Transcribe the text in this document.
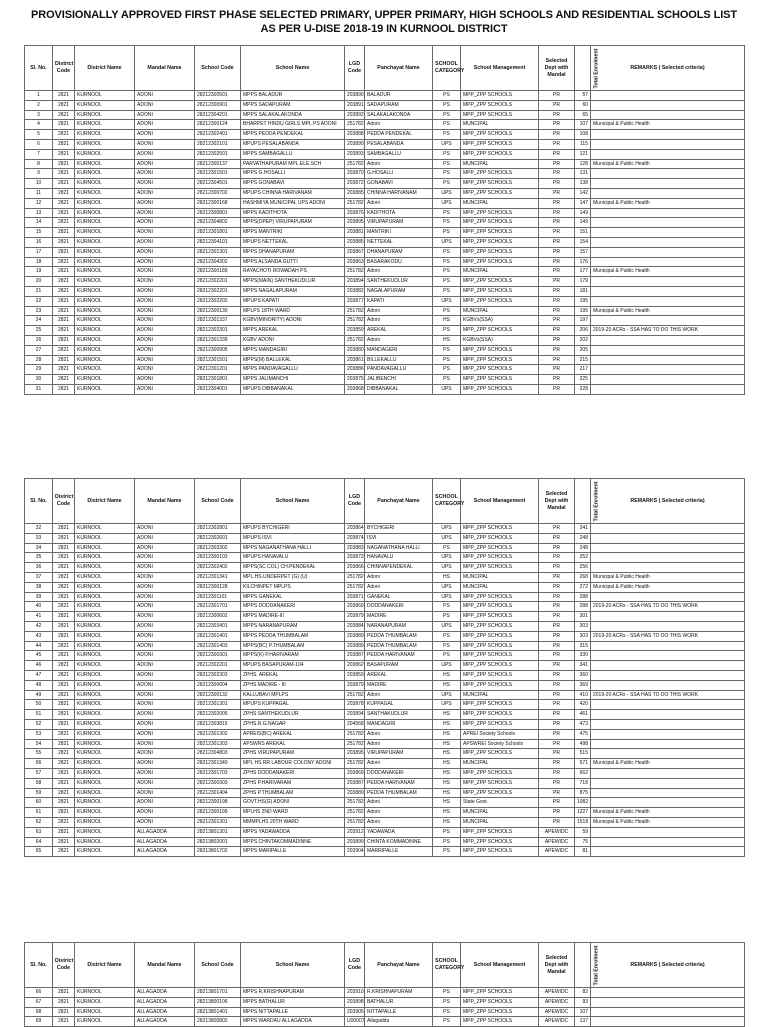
PROVISIONALLY APPROVED FIRST PHASE SELECTED PRIMARY, UPPER PRIMARY, HIGH SCHOOLS AND RESIDENTIAL SCHOOLS LIST AS PER U-DISE 2018-19 IN KURNOOL DISTRICT
Sl. No.	District Code	District Name	Mandal Name	School Code	School Name	LGD Code	Panchayat Name	SCHOOL CATEGORY	School Management	Selected Dept with Mandal	Total Enrolment	REMARKS ( Selected criteria)
1	2821	KURNOOL	ADONI	28212300501	MPPS BALADUR	203890	BALADUR	PS	MPP_ZPP SCHOOLS	PR	57	
2	2821	KURNOOL	ADONI	28212300901	MPPS SADAPURAM	203891	SADAPURAM	PS	MPP_ZPP SCHOOLS	PR	60	
3	2821	KURNOOL	ADONI	28212304201	MPPS SALAKALAKONDA	203892	SALAKALAKONDA	PS	MPP_ZPP SCHOOLS	PR	65	
4	2821	KURNOOL	ADONI	28212300124	BHARPET HINDU GIRLS MPL PS ADONI	251782	Adoni	PS	MUNCIPAL	PR	107	Municipal & Public Health
5	2821	KURNOOL	ADONI	28212302401	MPPS PEDDA PENDEKAL	203888	PEDDA PENDEKAL	PS	MPP_ZPP SCHOOLS	PR	108	
6	2821	KURNOOL	ADONI	28212302101	MPUPS PESALABANDA	203890	PESALABANDA	UPS	MPP_ZPP SCHOOLS	PR	115	
7	2821	KURNOOL	ADONI	28212302501	MPPS SAMBAGALLU	203893	SAMBAGALLU	PS	MPP_ZPP SCHOOLS	PR	121	
8	2821	KURNOOL	ADONI	28212300137	PARVATHAPURAM MPL.ELE.SCH	251782	Adoni	PS	MUNCIPAL	PR	128	Municipal & Public Health
9	2821	KURNOOL	ADONI	28212301501	MPPS G.HOSALLI	203870	G.HOSALLI	PS	MPP_ZPP SCHOOLS	PR	131	
10	2821	KURNOOL	ADONI	28212304501	MPPS GONABAVI	203872	GONABAVI	PS	MPP_ZPP SCHOOLS	PR	138	
11	2821	KURNOOL	ADONI	28212300702	MPUPS CHINNA HARIVANAM	203885	CHINNA HARIVANAM	UPS	MPP_ZPP SCHOOLS	PR	142	
12	2821	KURNOOL	ADONI	28212300168	HASHMIYA MUNICIPAL UPS ADONI	251782	Adoni	UPS	MUNCIPAL	PR	147	Municipal & Public Health
13	2821	KURNOOL	ADONI	28212300801	MPPS KADITHOTA	203876	KADITHOTA	PS	MPP_ZPP SCHOOLS	PR	149	
14	2821	KURNOOL	ADONI	28212304802	MPPS(DPEP) VIRUPAPURAM	203895	VIRUPAPURAM	PS	MPP_ZPP SCHOOLS	PR	149	
15	2821	KURNOOL	ADONI	28212301801	MPPS MANTRIKI	203881	MANTRIKI	PS	MPP_ZPP SCHOOLS	PR	151	
16	2821	KURNOOL	ADONI	28212304101	MPUPS NETTEKAL	203885	NETTEKAL	UPS	MPP_ZPP SCHOOLS	PR	154	
17	2821	KURNOOL	ADONI	28212301301	MPPS DHANAPURAM	203867	DHANAPURAM	PS	MPP_ZPP SCHOOLS	PR	157	
18	2821	KURNOOL	ADONI	28212304302	MPPS ALSANDA GUTTI	203863	BASARAKODU	PS	MPP_ZPP SCHOOLS	PR	176	
19	2821	KURNOOL	ADONI	28212300189	RAYACHOTI ROWADAH PS	251782	Adoni	PS	MUNCIPAL	PR	177	Municipal & Public Health
20	2821	KURNOOL	ADONI	28212302201	MPPS(MAIN) SANTHEKUDLUR	203894	SANTHEKUDLUR	PS	MPP_ZPP SCHOOLS	PR	179	
21	2821	KURNOOL	ADONI	28212302201	MPPS NAGALAPURAM	203882	NAGALAPURAM	PS	MPP_ZPP SCHOOLS	PR	181	
22	2821	KURNOOL	ADONI	28212302202	MPUPS KAPATI	203877	KAPATI	UPS	MPP_ZPP SCHOOLS	PR	195	
23	2821	KURNOOL	ADONI	28212300130	MPLPS 18TH WARD	251782	Adoni	PS	MUNCIPAL	PR	195	Municipal & Public Health
24	2821	KURNOOL	ADONI	28212301337	KGBV(MINORITY) ADONI	251782	Adoni	HS	KGBVs(SSA)	PR	197	
25	2821	KURNOOL	ADONI	28212302301	MPPS AREKAL	203859	AREKAL	PS	MPP_ZPP SCHOOLS	PR	206	2019-20 ACRs - SSA HAS TO DO THIS WORK
26	2821	KURNOOL	ADONI	28212301339	KGBV ADONI	251782	Adoni	HS	KGBVs(SSA)	PR	202	
27	2821	KURNOOL	ADONI	28212300905	MPPS MANDAGIRI	203880	MANDAGERI	PS	MPP_ZPP SCHOOLS	PR	205	
28	2821	KURNOOL	ADONI	28212301501	MPPS(M) BALLEKAL	203861	BILLEKALLU	PS	MPP_ZPP SCHOOLS	PR	215	
29	2821	KURNOOL	ADONI	28212301201	MPPS PANDAVAGALLU	203886	PANDAVAGALLU	PS	MPP_ZPP SCHOOLS	PR	217	
30	2821	KURNOOL	ADONI	28212301801	MPPS JALIMANCHI	203875	JALIBENCHI	PS	MPP_ZPP SCHOOLS	PR	225	
31	2821	KURNOOL	ADONI	28212304001	MPUPS DIBBANAKAL	203868	DIBBANAKAL	UPS	MPP_ZPP SCHOOLS	PR	228	
Sl. No.	District Code	District Name	Mandal Name	School Code	School Name	LGD Code	Panchayat Name	SCHOOL CATEGORY	School Management	Selected Dept with Mandal	Total Enrolment	REMARKS ( Selected criteria)
32	2821	KURNOOL	ADONI	28212302801	MPUPS BYCHIGERI	203864	BYCHIGERI	UPS	MPP_ZPP SCHOOLS	PR	241	
33	2821	KURNOOL	ADONI	28212302601	MPUPS ISVI	203874	ISVI	UPS	MPP_ZPP SCHOOLS	PR	248	
34	2821	KURNOOL	ADONI	28212303302	MPPS NAGANATHANA HALLI	203883	NAGANATHANA HALLI	PS	MPP_ZPP SCHOOLS	PR	248	
35	2821	KURNOOL	ADONI	28212300103	MPUPS HANAVALU	203873	HANAVALU	UPS	MPP_ZPP SCHOOLS	PR	252	
36	2821	KURNOOL	ADONI	28212302402	MPPS(SC COL) CH.PENDEKAL	203866	CHINNAPENDEKAL	UPS	MPP_ZPP SCHOOLS	PR	256	
37	2821	KURNOOL	ADONI	28212301341	MPL.HS.UNDERPET (G) (U)	251782	Adoni	HS	MUNCIPAL	PR	268	Municipal & Public Health
38	2821	KURNOOL	ADONI	28212300128	KILCHINPET MPLPS	251782	Adoni	UPS	MUNCIPAL	PR	272	Municipal & Public Health
39	2821	KURNOOL	ADONI	28212301101	MPPS GANEKAL	203871	GANEKAL	UPS	MPP_ZPP SCHOOLS	PR	288	
40	2821	KURNOOL	ADONI	28212301701	MPPS DODDANAKERI	203869	DODDANAKERI	PS	MPP_ZPP SCHOOLS	PR	288	2019-20 ACRs - SSA HAS TO DO THIS WORK
41	2821	KURNOOL	ADONI	28212300602	MPPS MADIRE-III	203879	MADIRE	PS	MPP_ZPP SCHOOLS	PR	301	
42	2821	KURNOOL	ADONI	28212303401	MPPS NARANAPURAM	203884	NARANAPURAM	UPS	MPP_ZPP SCHOOLS	PR	303	
43	2821	KURNOOL	ADONI	28212301401	MPPS PEDDA THUMBALAM	203889	PEDDA THUMBALAM	PS	MPP_ZPP SCHOOLS	PR	303	2019-20 ACRs - SSA HAS TO DO THIS WORK
44	2821	KURNOOL	ADONI	28212301403	MPPS(BC) P.THUMBALAM	203889	PEDDA THUMBALAM	PS	MPP_ZPP SCHOOLS	PR	315	
45	2821	KURNOOL	ADONI	28212300301	MPPS(K) P.HARIVARAM	203887	PEDDA HARIVANAM	PS	MPP_ZPP SCHOOLS	PR	330	
46	2821	KURNOOL	ADONI	28212302201	MPUPS BASAPURAM-104	203862	BASAPURAM	UPS	MPP_ZPP SCHOOLS	PR	341	
47	2821	KURNOOL	ADONI	28212302303	ZPHS. AREKAL	203859	AREKAL	HS	MPP_ZPP SCHOOLS	PR	360	
48	2821	KURNOOL	ADONI	28212300604	ZPHS.MADIRE - III	203879	MADIRE	HS	MPP_ZPP SCHOOLS	PR	369	
49	2821	KURNOOL	ADONI	28212300132	KALLUBAVI MPLPS	251782	Adoni	UPS	MUNCIPAL	PR	410	2019-20 ACRs - SSA HAS TO DO THIS WORK
50	2821	KURNOOL	ADONI	28212301301	MPUPS KUPPAGAL	203878	KUPPAGAL	UPS	MPP_ZPP SCHOOLS	PR	420	
51	2821	KURNOOL	ADONI	28212302005	ZPHS SANTHEKUDLUR	203894	SANTHAKUDLUR	HS	MPP_ZPP SCHOOLS	PR	461	
52	2821	KURNOOL	ADONI	28212303815	ZPHS.R.G.NAGAR	204568	MANDAGIRI	HS	MPP_ZPP SCHOOLS	PR	473	
53	2821	KURNOOL	ADONI	28212301302	APREIS(BC) AREKAL	251782	Adoni	HS	APREI Society Schools	PR	475	
54	2821	KURNOOL	ADONI	28212301303	APSWRS AREKAL	251782	Adoni	HS	APSWREI Society Schools	PR	498	
55	2821	KURNOOL	ADONI	28212304803	ZPHS VIRUPAPURAM	203895	VIRUPAPURAM	HS	MPP_ZPP SCHOOLS	PR	515	
56	2821	KURNOOL	ADONI	28212301340	MPL HS RR LABOUR COLONY ADONI	251782	Adoni	HS	MUNCIPAL	PR	571	Municipal & Public Health
57	2821	KURNOOL	ADONI	28212301703	ZPHS DODDANAKERI	203869	DODDANAKERI	HS	MPP_ZPP SCHOOLS	PR	662	
58	2821	KURNOOL	ADONI	28212300303	ZPHS P.HARIVARAM	203887	PEDDA HARIVANAM	HS	MPP_ZPP SCHOOLS	PR	718	
59	2821	KURNOOL	ADONI	28212301404	ZPHS P.THUMBALAM	203889	PEDDA THUMBALAM	HS	MPP_ZPP SCHOOLS	PR	875	
60	2821	KURNOOL	ADONI	28212300198	GOVT.HS(G) ADONI	251782	Adoni	HS	State Govt.	PR	1082	
61	2821	KURNOOL	ADONI	28212300199	MPLHS 2ND WARD	251782	Adoni	HS	MUNCIPAL	PR	1227	Municipal & Public Health
62	2821	KURNOOL	ADONI	28212301301	MMMPLHS 20TH WARD	251782	Adoni	HS	MUNCIPAL	PR	1518	Municipal & Public Health
63	2821	KURNOOL	ALLAGADDA	28213801301	MPPS YADAWADDA	203912	YADAWADA	PS	MPP_ZPP SCHOOLS	APEWIDC	59	
64	2821	KURNOOL	ALLAGADDA	28213802001	MPPS CHINTAKOMMADINNE	203899	CHINTA KOMMADINNE	PS	MPP_ZPP SCHOOLS	APEWIDC	75	
65	2821	KURNOOL	ALLAGADDA	28213801702	MPPS MARIPALLE	203904	MARRIPALLE	PS	MPP_ZPP SCHOOLS	APEWIDC	81	
Sl. No.	District Code	District Name	Mandal Name	School Code	School Name	LGD Code	Panchayat Name	SCHOOL CATEGORY	School Management	Selected Dept with Mandal	Total Enrolment	REMARKS ( Selected criteria)
66	2821	KURNOOL	ALLAGADDA	28213801701	MPPS R.KRISHNAPURAM	203910	R.KRISHNAPURAM	PS	MPP_ZPP SCHOOLS	APEWIDC	82	
67	2821	KURNOOL	ALLAGADDA	28213800106	MPPS BATHALUR	203898	BATHALUR	PS	MPP_ZPP SCHOOLS	APEWIDC	93	
68	2821	KURNOOL	ALLAGADDA	28213801401	MPPS NITTAPALLE	203905	NITTAPALLE	PS	MPP_ZPP SCHOOLS	APEWIDC	107	
69	2821	KURNOOL	ALLAGADDA	28213800802	MPPS WARDAU ALLAGADDA	U00007	Allagadda	PS	MPP_ZPP SCHOOLS	APEWIDC	137	
